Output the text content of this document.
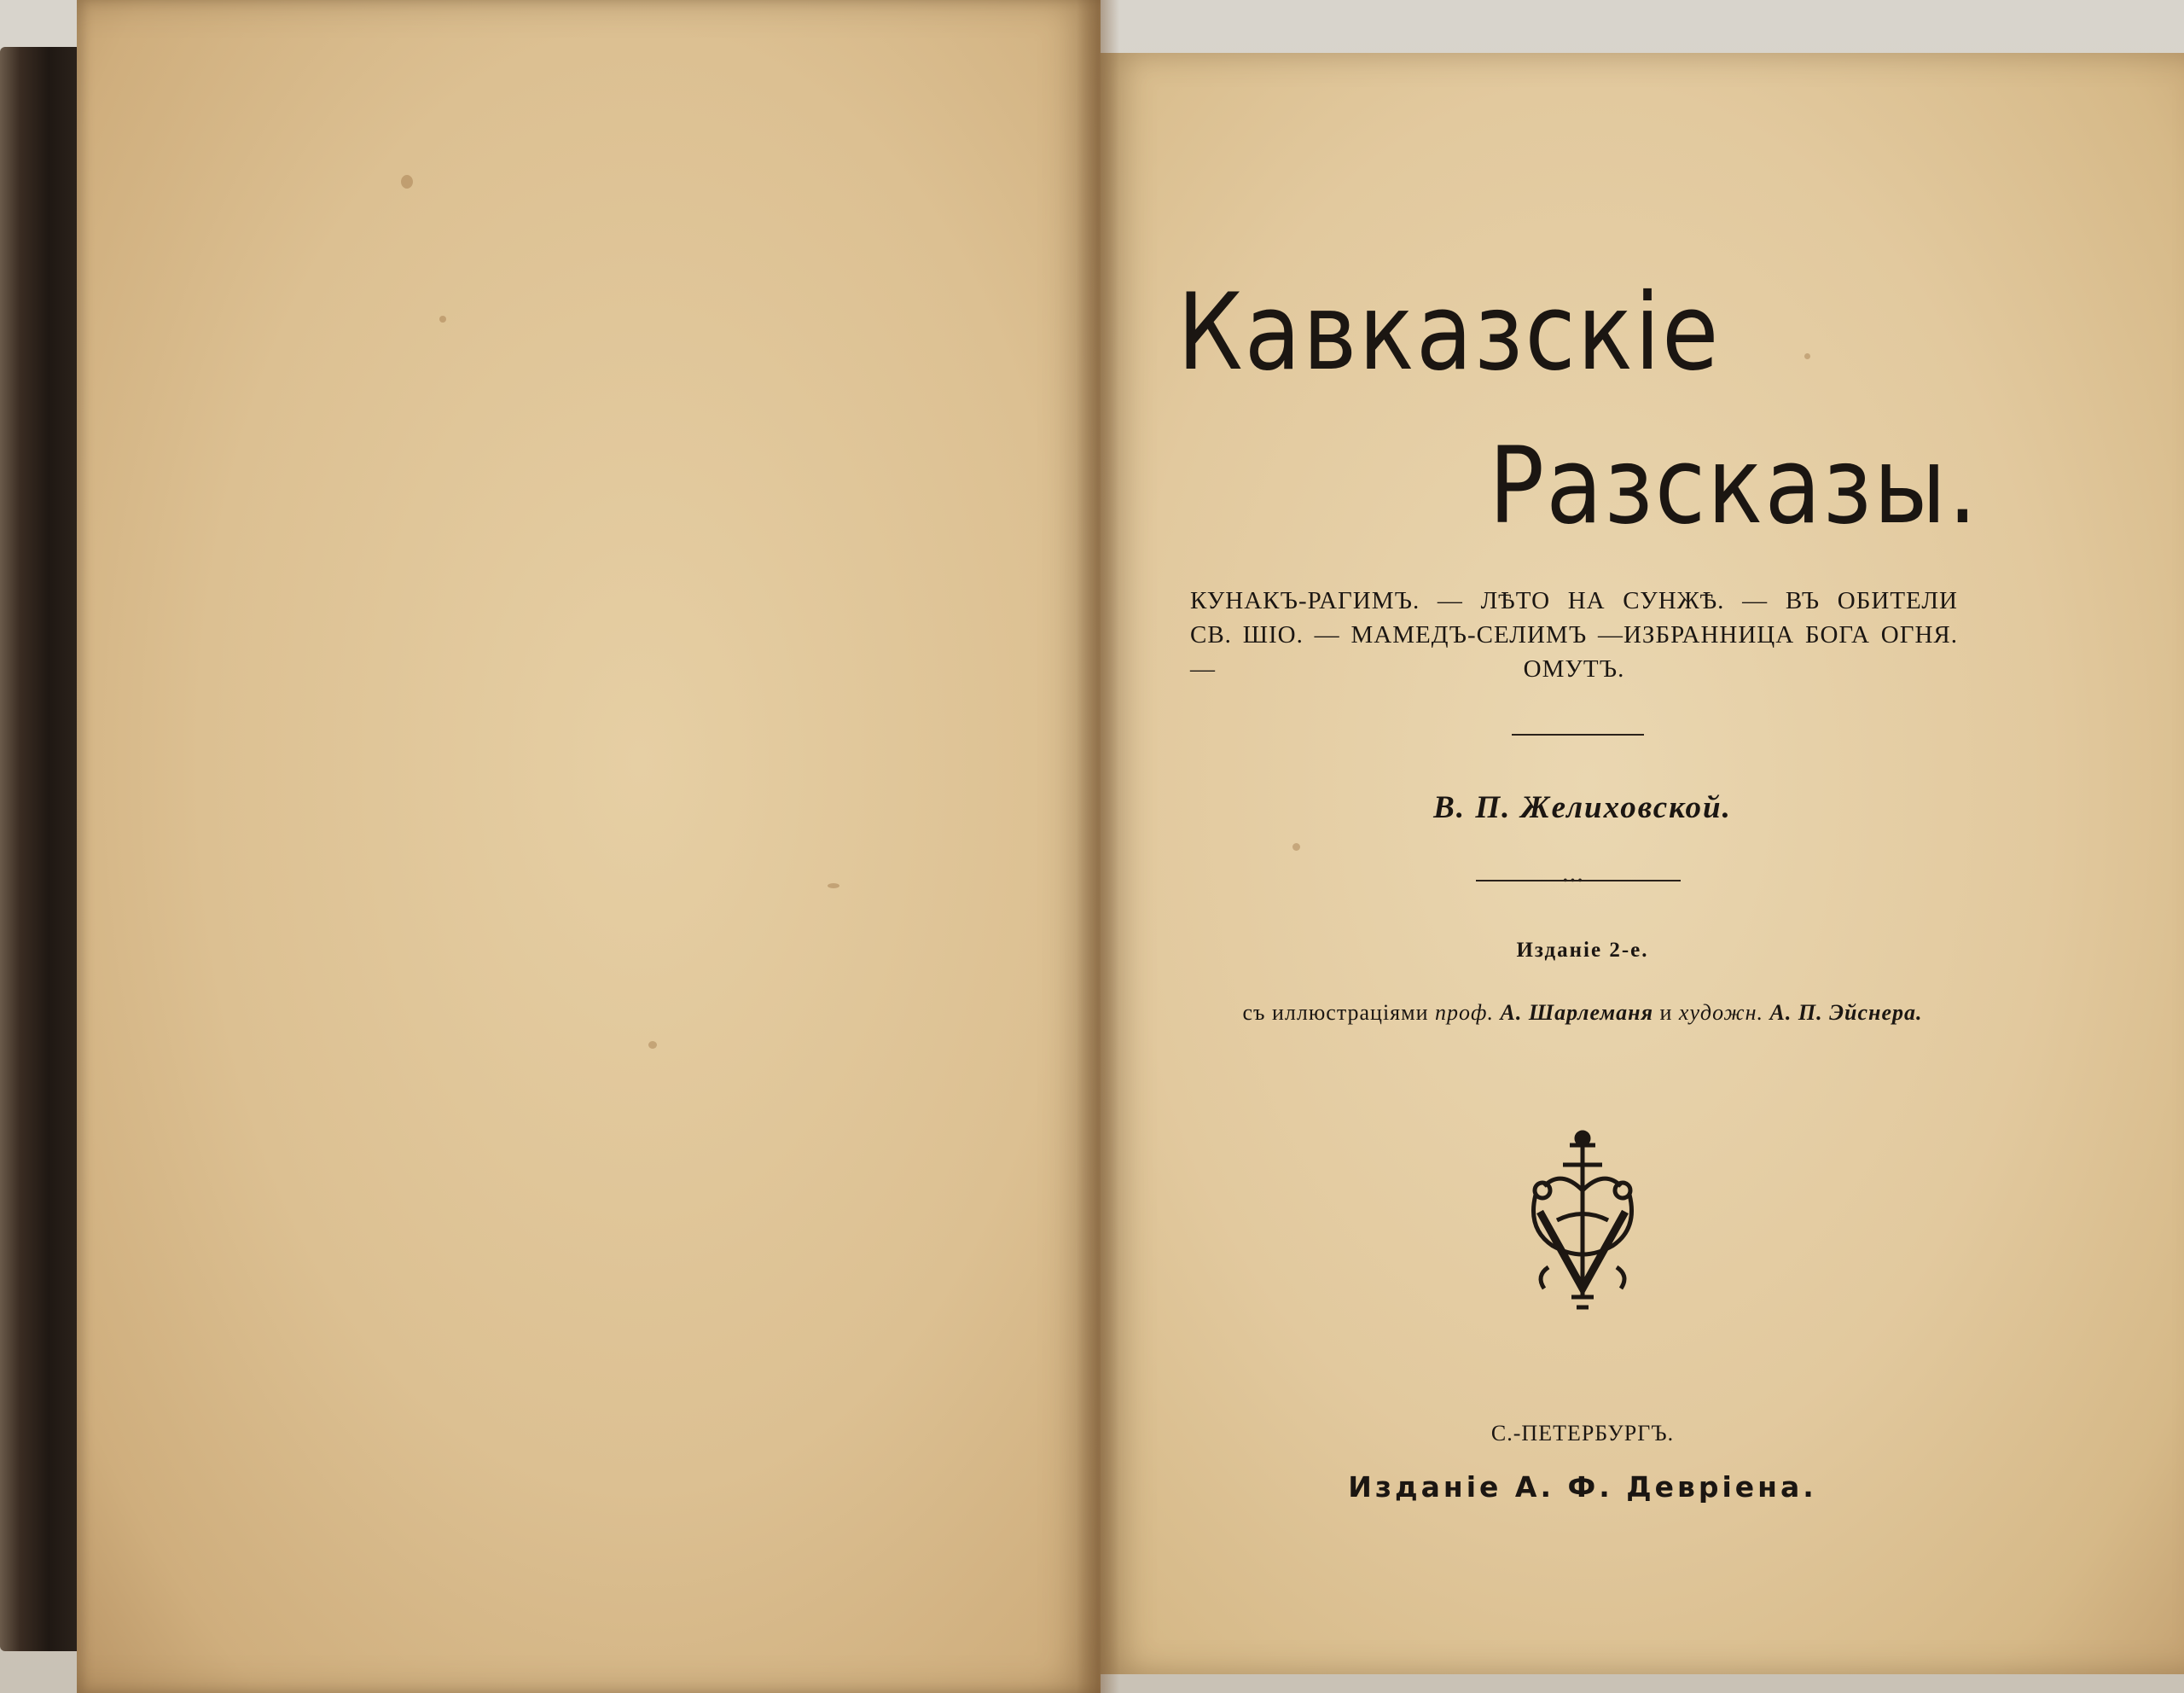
Кавказскіе
Разсказы.
КУНАКЪ-РАГИМЪ. — ЛѢТО НА СУНЖѢ. — ВЪ ОБИТЕЛИ
СВ. ШІО. — МАМЕДЪ-СЕЛИМЪ —ИЗБРАННИЦА БОГА ОГНЯ.—	ОМУТЪ.
В. П. Желиховской.
•••
Изданіе 2-е.
съ иллюстраціями проф. А. Шарлеманя и художн. А. П. Эйснера.
С.-ПЕТЕРБУРГЪ.
Изданіе А. Ф. Девріена.
